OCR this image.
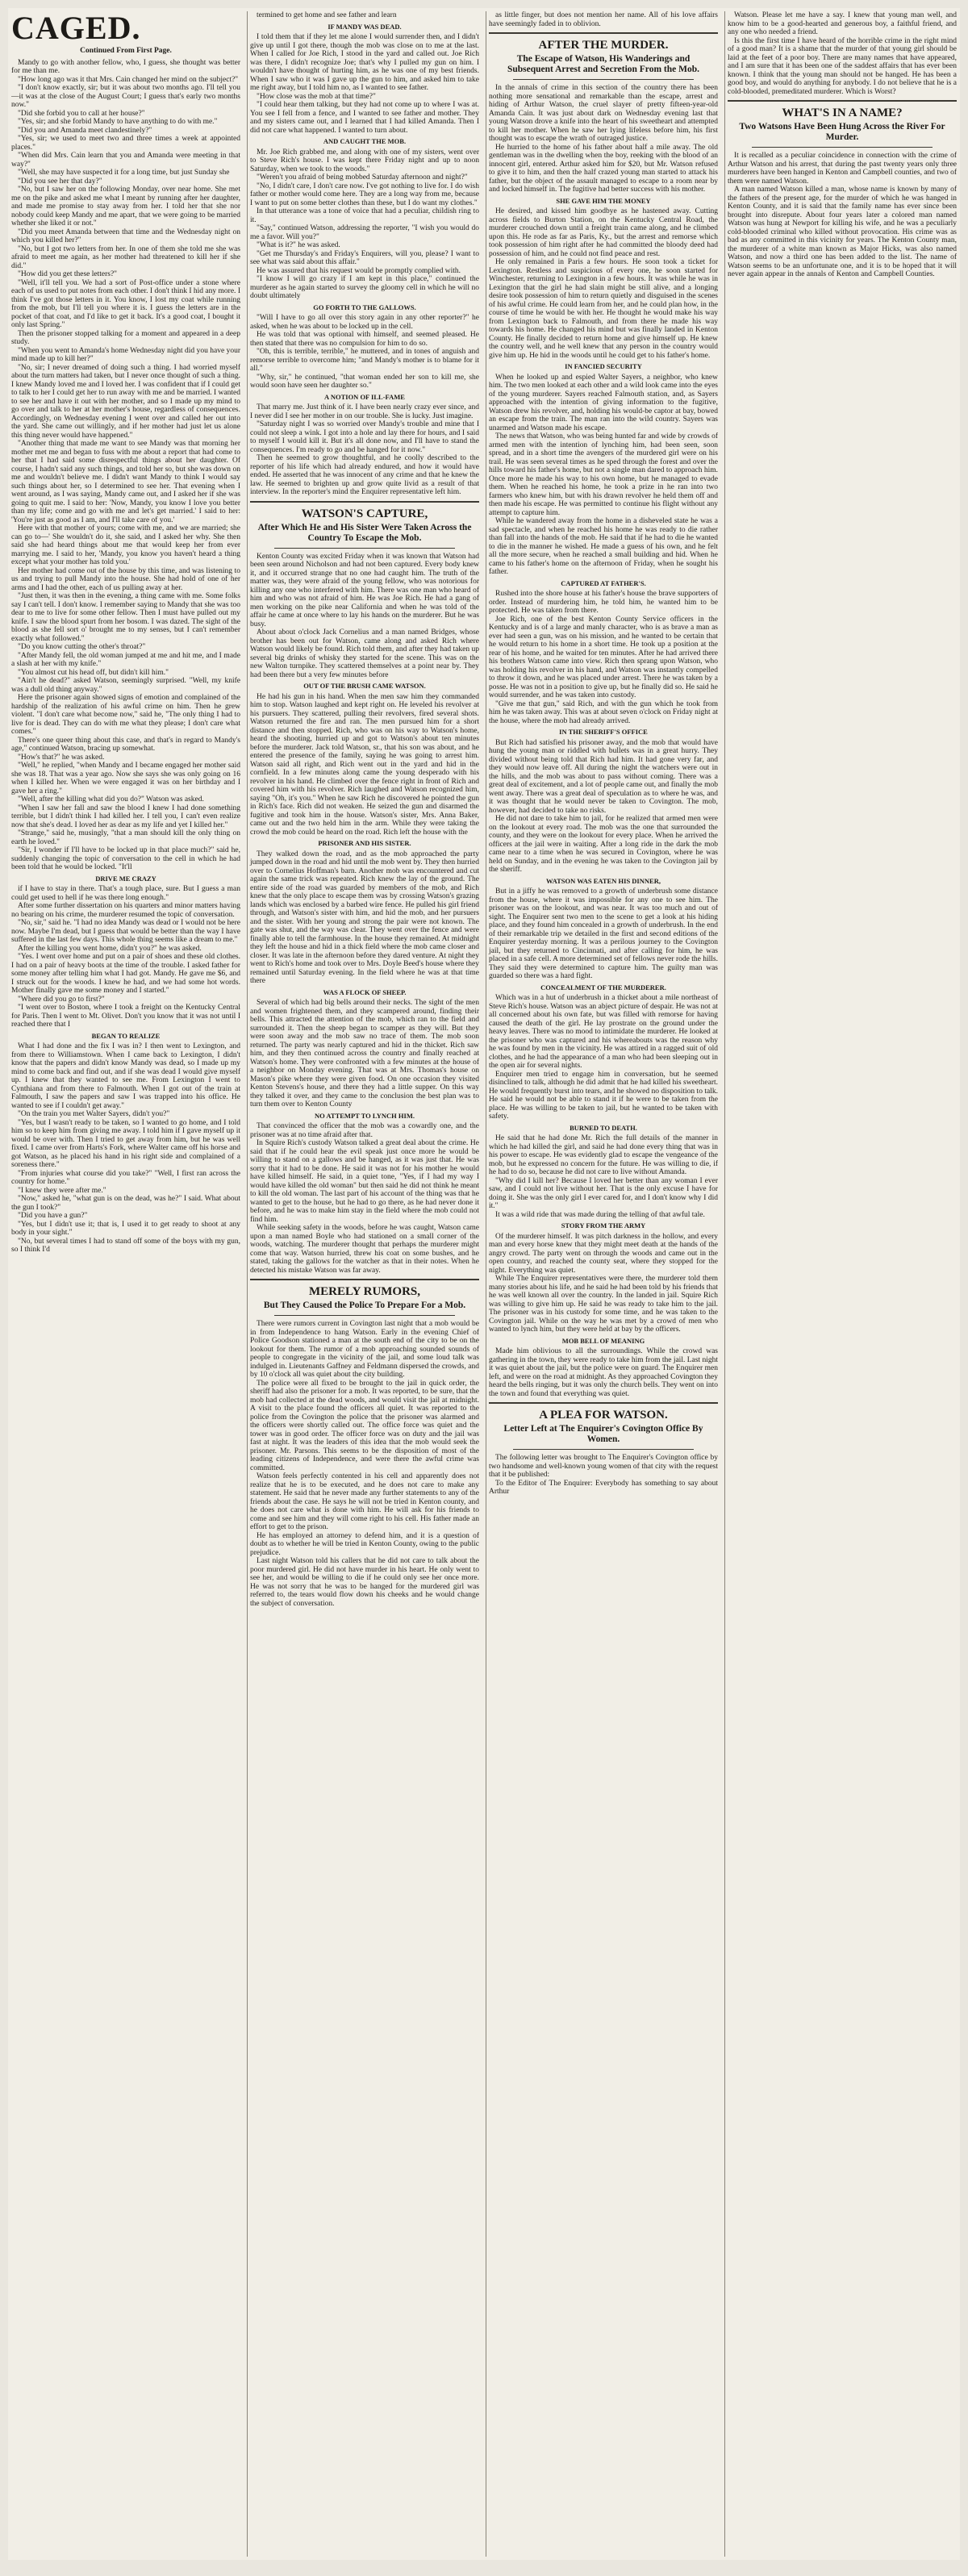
CAGED.
Continued From First Page.

Mandy to go with another fellow, who, I guess, she thought was better for me than me.

"How long ago was it that Mrs. Cain changed her mind on the subject?"

"I don't know exactly, sir; but it was about two months ago. I'll tell you—it was at the close of the August Court; I guess that's early two months now."

"Did she forbid you to call at her house?"

"Yes, sir; and she forbid Mandy to have anything to do with me."

"Did you and Amanda meet clandestinely?"

"Yes, sir; we used to meet two and three times a week at appointed places."

"When did Mrs. Cain learn that you and Amanda were meeting in that way?"

"Well, she may have suspected it for a long time, but just Sunday she

"Did you see her that day?"

"No, but I saw her on the following Monday, over near home. She met me on the pike and asked me what I meant by running after her daughter, and made me promise to stay away from her. I told her that she nor nobody could keep Mandy and me apart, that we were going to be married whether she liked it or not."

"Did you meet Amanda between that time and the Wednesday night on which you killed her?"

"No, but I got two letters from her. In one of them she told me she was afraid to meet me again, as her mother had threatened to kill her if she did."

"How did you get these letters?"

"Well, it'll tell you. We had a sort of Post-office under a stone where each of us used to put notes from each other. I don't think I hid any more. I think I've got those letters in it. You know, I lost my coat while running from the mob, but I'll tell you where it is. I guess the letters are in the pocket of that coat, and I'd like to get it back. It's a good coat, I bought it only last Spring."

Then the prisoner stopped talking for a moment and appeared in a deep study.

"When you went to Amanda's home Wednesday night did you have your mind made up to kill her?"

"No, sir; I never dreamed of doing such a thing. I had worried myself about the turn matters had taken, but I never once thought of such a thing. I knew Mandy loved me and I loved her. I was confident that if I could get to talk to her I could get her to run away with me and be married. I wanted to see her and have it out with her mother, and so I made up my mind to go over and talk to her at her mother's house, regardless of consequences. Accordingly, on Wednesday evening I went over and called her out into the yard. She came out willingly, and if her mother had just let us alone this thing never would have happened."

"Another thing that made me want to see Mandy was that morning her mother met me and began to fuss with me about a report that had come to her that I had said some disrespectful things about her daughter. Of course, I hadn't said any such things, and told her so, but she was down on me and wouldn't believe me. I didn't want Mandy to think I would say such things about her, so I determined to see her. That evening when I went around, as I was saying, Mandy came out, and I asked her if she was going to quit me. I said to her: 'Now, Mandy, you know I love you better than my life; come and go with me and let's get married.' I said to her: 'You're just as good as I am, and I'll take care of you.'

Here with that mother of yours; come with me, and we are married; she can go to—' She wouldn't do it, she said, and I asked her why. She then said she had heard things about me that would keep her from ever marrying me. I said to her, 'Mandy, you know you haven't heard a thing except what your mother has told you.'

Her mother had come out of the house by this time, and was listening to us and trying to pull Mandy into the house. She had hold of one of her arms and I had the other, each of us pulling away at her.

"Just then, it was then in the evening, a thing came with me. Some folks say I can't tell. I don't know. I remember saying to Mandy that she was too dear to me to live for some other fellow. Then I must have pulled out my knife. I saw the blood spurt from her bosom. I was dazed. The sight of the blood as she fell sort o' brought me to my senses, but I can't remember exactly what followed."

"Do you know cutting the other's throat?"

"After Mandy fell, the old woman jumped at me and hit me, and I made a slash at her with my knife."

"You almost cut his head off, but didn't kill him."

"Ain't he dead?" asked Watson, seemingly surprised. "Well, my knife was a dull old thing anyway."

Here the prisoner again showed signs of emotion and complained of the hardship of the realization of his awful crime on him. Then he grew violent. "I don't care what become now," said he, "The only thing I had to live for is dead. They can do with me what they please; I don't care what comes."

There's one queer thing about this case, and that's in regard to Mandy's age," continued Watson, bracing up somewhat.

"How's that?" he was asked.

"Well," he replied, "when Mandy and I became engaged her mother said she was 18. That was a year ago. Now she says she was only going on 16 when I killed her. When we were engaged it was on her birthday and I gave her a ring."

"Well, after the killing what did you do?" Watson was asked.

"When I saw her fall and saw the blood I knew I had done something terrible, but I didn't think I had killed her. I tell you, I can't even realize now that she's dead. I loved her as dear as my life and yet I killed her."

"Strange," said he, musingly, "that a man should kill the only thing on earth he loved."

"Sir, I wonder if I'll have to be locked up in that place much?" said he, suddenly changing the topic of conversation to the cell in which he had been told that he would be locked. "It'll

DRIVE ME CRAZY

if I have to stay in there. That's a tough place, sure. But I guess a man could get used to hell if he was there long enough."

After some further dissertation on his quarters and minor matters having no bearing on his crime, the murderer resumed the topic of conversation.

"No, sir," said he. "I had no idea Mandy was dead or I would not be here now. Maybe I'm dead, but I guess that would be better than the way I have suffered in the last few days. This whole thing seems like a dream to me."

After the killing you went home, didn't you?" he was asked.

"Yes. I went over home and put on a pair of shoes and these old clothes. I had on a pair of heavy boots at the time of the trouble. I asked father for some money after telling him what I had got. Mandy. He gave me $6, and I struck out for the woods. I knew he had, and we had some hot words. Mother finally gave me some money and I started."

"Where did you go to first?"

"I went over to Boston, where I took a freight on the Kentucky Central for Paris. Then I went to Mt. Olivet. Don't you know that it was not until I reached there that I

BEGAN TO REALIZE

What I had done and the fix I was in? I then went to Lexington, and from there to Williamstown. When I came back to Lexington, I didn't know that the papers and didn't know Mandy was dead, so I made up my mind to come back and find out, and if she was dead I would give myself up. I knew that they wanted to see me. From Lexington I went to Cynthiana and from there to Falmouth. When I got out of the train at Falmouth, I saw the papers and saw I was trapped into his office. He wanted to see if I couldn't get away."

"On the train you met Walter Sayers, didn't you?"

"Yes, but I wasn't ready to be taken, so I wanted to go home, and I told him so to keep him from giving me away. I told him if I gave myself up it would be over with. Then I tried to get away from him, but he was well fixed. I came over from Harts's Fork, where Walter came off his horse and got Watson, as he placed his hand in his right side and complained of a soreness there."

"From injuries what course did you take?" "Well, I first ran across the country for home."

"I knew they were after me."

"Now," asked he, "what gun is on the dead, was he?" I said. What about the gun I took?"

"Did you have a gun?"

"Yes, but I didn't use it; that is, I used it to get ready to shoot at any body in your sight."

"No, but several times I had to stand off some of the boys with my gun, so I think I'd

termined to get home and see father and learn

IF MANDY WAS DEAD.

I told them that if they let me alone I would surrender then, and I didn't give up until I got there, though the mob was close on to me at the last. When I called for Joe Rich, I stood in the yard and called out. Joe Rich was there, I didn't recognize Joe; that's why I pulled my gun on him. I wouldn't have thought of hurting him, as he was one of my best friends. When I saw who it was I gave up the gun to him, and asked him to take me right away, but I told him no, as I wanted to see father.

"How close was the mob at that time?"

"I could hear them talking, but they had not come up to where I was at. You see I fell from a fence, and I wanted to see father and mother. They and my sisters came out, and I learned that I had killed Amanda. Then I did not care what happened. I wanted to turn about.

AND CAUGHT THE MOB.

Mr. Joe Rich grabbed me, and along with one of my sisters, went over to Steve Rich's house. I was kept there Friday night and up to noon Saturday, when we took to the woods."

"Weren't you afraid of being mobbed Saturday afternoon and night?"

"No, I didn't care, I don't care now. I've got nothing to live for. I do wish father or mother would come here. They are a long way from me, because I want to put on some better clothes than these, but I do want my clothes."

In that utterance was a tone of voice that had a peculiar, childish ring to it.

"Say," continued Watson, addressing the reporter, "I wish you would do me a favor. Will you?"

"What is it?" he was asked.

"Get me Thursday's and Friday's Enquirers, will you, please? I want to see what was said about this affair."

He was assured that his request would be promptly complied with.

"I know I will go crazy if I am kept in this place," continued the murderer as he again started to survey the gloomy cell in which he will no doubt ultimately

GO FORTH TO THE GALLOWS.

"Will I have to go all over this story again in any other reporter?" he asked, when he was about to be locked up in the cell.

He was told that was optional with himself, and seemed pleased. He then stated that there was no compulsion for him to do so.

"Oh, this is terrible, terrible," he muttered, and in tones of anguish and remorse terrible to overcome him; "and Mandy's mother is to blame for it all."

"Why, sir," he continued, "that woman ended her son to kill me, she would soon have seen her daughter so."

A NOTION OF ILL-FAME

That marry me. Just think of it. I have been nearly crazy ever since, and I never did I see her mother in on our trouble. She is lucky. Just imagine.

"Saturday night I was so worried over Mandy's trouble and mine that I could not sleep a wink. I got into a hole and lay there for hours, and I said to myself I would kill it. But it's all done now, and I'll have to stand the consequences. I'm ready to go and be hanged for it now."

Then he seemed to grow thoughtful, and he coolly described to the reporter of his life which had already endured, and how it would have ended. He asserted that he was innocent of any crime and that he knew the law. He seemed to brighten up and grow quite livid as a result of that interview. In the reporter's mind the Enquirer representative left him.

WATSON'S CAPTURE,
After Which He and His Sister Were Taken Across the Country To Escape the Mob.

Kenton County was excited Friday when it was known that Watson had been seen around Nicholson and had not been captured. Every body knew it, and it occurred strange that no one had caught him. The truth of the matter was, they were afraid of the young fellow, who was notorious for killing any one who interfered with him. There was one man who heard of him and who was not afraid of him. He was Joe Rich. He had a gang of men working on the pike near California and when he was told of the affair he came at once where to lay his hands on the murderer. But he was busy.

About about o'clock Jack Cornelius and a man named Bridges, whose brother has been out for Watson, came along and asked Rich where Watson would likely be found. Rich told them, and after they had taken up several big drinks of whisky they started for the scene. This was on the new Walton turnpike. They scattered themselves at a point near by. They had been there but a very few minutes before

OUT OF THE BRUSH CAME WATSON.

He had his gun in his hand. When the men saw him they commanded him to stop. Watson laughed and kept right on. He leveled his revolver at his pursuers. They scattered, pulling their revolvers, fired several shots. Watson returned the fire and ran. The men pursued him for a short distance and then stopped. Rich, who was on his way to Watson's home, heard the shooting, hurried up and got to Watson's about ten minutes before the murderer. Jack told Watson, sr., that his son was about, and he entered the presence of the family, saying he was going to arrest him. Watson said all right, and Rich went out in the yard and hid in the cornfield. In a few minutes along came the young desperado with his revolver in his hand. He climbed over the fence right in front of Rich and covered him with his revolver. Rich laughed and Watson recognized him, saying "Oh, it's you." When he saw Rich he discovered he pointed the gun in Rich's face. Rich did not weaken. He seized the gun and disarmed the fugitive and took him in the house. Watson's sister, Mrs. Anna Baker, came out and the two held him in the arm. While they were taking the crowd the mob could be heard on the road. Rich left the house with the

PRISONER AND HIS SISTER.

They walked down the road, and as the mob approached the party jumped down in the road and hid until the mob went by. They then hurried over to Cornelius Hoffman's barn. Another mob was encountered and cut again the same trick was repeated. Rich knew the lay of the ground. The entire side of the road was guarded by members of the mob, and Rich knew that the only place to escape them was by crossing Watson's grazing lands which was enclosed by a barbed wire fence. He pulled his girl friend through, and Watson's sister with him, and hid the mob, and her pursuers and the sister. With her young and strong the pair were not known. The gate was shut, and the way was clear. They went over the fence and were finally able to tell the farmhouse. In the house they remained. At midnight they left the house and hid in a thick field where the mob came closer and closer. It was late in the afternoon before they dared venture. At night they went to Rich's home and took over to Mrs. Doyle Beed's house where they remained until Saturday evening. In the field where he was at that time there

WAS A FLOCK OF SHEEP.

Several of which had big bells around their necks. The sight of the men and women frightened them, and they scampered around, finding their bells. This attracted the attention of the mob, which ran to the field and surrounded it. Then the sheep began to scamper as they will. But they were soon away and the mob saw no trace of them. The mob soon returned. The party was nearly captured and hid in the thicket. Rich saw him, and they then continued across the country and finally reached at Watson's home. They were confronted with a few minutes at the house of a neighbor on Monday evening. That was at Mrs. Thomas's house on Mason's pike where they were given food. On one occasion they visited Kenton Stevens's house, and there they had a little supper. On this way they talked it over, and they came to the conclusion the best plan was to turn them over to Kenton County

NO ATTEMPT TO LYNCH HIM.

That convinced the officer that the mob was a cowardly one, and the prisoner was at no time afraid after that.

In Squire Rich's custody Watson talked a great deal about the crime. He said that if he could hear the evil speak just once more he would be willing to stand on a gallows and be hanged, as it was just that. He was sorry that it had to be done. He said it was not for his mother he would have killed himself. He said, in a quiet tone, "Yes, if I had my way I would have killed the old woman" but then said he did not think he meant to kill the old woman. The last part of his account of the thing was that he wanted to get to the house, but he had to go there, as he had never done it before, and he was to make him stay in the field where the mob could not find him.

While seeking safety in the woods, before he was caught, Watson came upon a man named Boyle who had stationed on a small corner of the woods, watching. The murderer thought that perhaps the murderer might come that way. Watson hurried, threw his coat on some bushes, and he stated, taking the gallows for the watcher as that in their notes. When he detected his mistake Watson was far away.

MERELY RUMORS,
But They Caused the Police To Prepare For a Mob.

There were rumors current in Covington last night that a mob would be in from Independence to hang Watson. Early in the evening Chief of Police Goodson stationed a man at the south end of the city to be on the lookout for them. The rumor of a mob approaching sounded sounds of people to congregate in the vicinity of the jail, and some loud talk was indulged in. Lieutenants Gaffney and Feldmann dispersed the crowds, and by 10 o'clock all was quiet about the city building.

The police were all fixed to be brought to the jail in quick order, the sheriff had also the prisoner for a mob. It was reported, to be sure, that the mob had collected at the dead woods, and would visit the jail at midnight. A visit to the place found the officers all quiet. It was reported to the police from the Covington the police that the prisoner was alarmed and the officers were shortly called out. The office force was quiet and the tower was in good order. The officer force was on duty and the jail was fast at night. It was the leaders of this idea that the mob would seek the prisoner. Mr. Parsons. This seems to be the disposition of most of the leading citizens of Independence, and were there the awful crime was committed.

Watson feels perfectly contented in his cell and apparently does not realize that he is to be executed, and he does not care to make any statement. He said that he never made any further statements to any of the friends about the case. He says he will not be tried in Kenton county, and he does not care what is done with him. He will ask for his friends to come and see him and they will come right to his cell. His father made an effort to get to the prison.

He has employed an attorney to defend him, and it is a question of doubt as to whether he will be tried in Kenton County, owing to the public prejudice.

Last night Watson told his callers that he did not care to talk about the poor murdered girl. He did not have murder in his heart. He only went to see her, and would be willing to die if he could only see her once more. He was not sorry that he was to be hanged for the murdered girl was referred to, the tears would flow down his cheeks and he would change the subject of conversation.

as little finger, but does not mention her name. All of his love affairs have seemingly faded in to oblivion.

AFTER THE MURDER.
The Escape of Watson, His Wanderings and Subsequent Arrest and Secretion From the Mob.

In the annals of crime in this section of the country there has been nothing more sensational and remarkable than the escape, arrest and hiding of Arthur Watson, the cruel slayer of pretty fifteen-year-old Amanda Cain. It was just about dark on Wednesday evening last that young Watson drove a knife into the heart of his sweetheart and attempted to kill her mother. When he saw her lying lifeless before him, his first thought was to escape the wrath of outraged justice.

He hurried to the home of his father about half a mile away. The old gentleman was in the dwelling when the boy, reeking with the blood of an innocent girl, entered. Arthur asked him for $20, but Mr. Watson refused to give it to him, and then the half crazed young man started to attack his father, but the object of the assault managed to escape to a room near by and locked himself in. The fugitive had better success with his mother.

SHE GAVE HIM THE MONEY

He desired, and kissed him goodbye as he hastened away. Cutting across fields to Burton Station, on the Kentucky Central Road, the murderer crouched down until a freight train came along, and he climbed upon this. He rode as far as Paris, Ky., but the arrest and remorse which took possession of him right after he had committed the bloody deed had possession of him, and he could not find peace and rest.

He only remained in Paris a few hours. He soon took a ticket for Lexington. Restless and suspicious of every one, he soon started for Winchester, returning to Lexington in a few hours. It was while he was in Lexington that the girl he had slain might be still alive, and a longing desire took possession of him to return quietly and disguised in the scenes of his awful crime. He could learn from her, and he could plan how, in the course of time he would be with her. He thought he would make his way from Lexington back to Falmouth, and from there he made his way towards his home. He changed his mind but was finally landed in Kenton County. He finally decided to return home and give himself up. He knew the country well, and he well knew that any person in the country would give him up. He hid in the woods until he could get to his father's home.

IN FANCIED SECURITY

When he looked up and espied Walter Sayers, a neighbor, who knew him. The two men looked at each other and a wild look came into the eyes of the young murderer. Sayers reached Falmouth station, and, as Sayers approached with the intention of giving information to the fugitive, Watson drew his revolver, and, holding his would-be captor at bay, bowed an escape from the train. The man ran into the wild country. Sayers was unarmed and Watson made his escape.

The news that Watson, who was being hunted far and wide by crowds of armed men with the intention of lynching him, had been seen, soon spread, and in a short time the avengers of the murdered girl were on his trail. He was seen several times as he sped through the forest and over the hills toward his father's home, but not a single man dared to approach him. Once more he made his way to his own home, but he managed to evade them. When he reached his home, he took a prize in he ran into two farmers who knew him, but with his drawn revolver he held them off and then made his escape. He was permitted to continue his flight without any attempt to capture him.

While he wandered away from the home in a disheveled state he was a sad spectacle, and when he reached his home he was ready to die rather than fall into the hands of the mob. He said that if he had to die he wanted to die in the manner he wished. He made a guess of his own, and he felt all the more secure, when he reached a small building and hid. When he came to his father's home on the afternoon of Friday, when he sought his father.

CAPTURED AT FATHER'S.

Rushed into the shore house at his father's house the brave supporters of order. Instead of murdering him, he told him, he wanted him to be protected. He was taken from there.

Joe Rich, one of the best Kenton County Service officers in the Kentucky and is of a large and manly character, who is as brave a man as ever had seen a gun, was on his mission, and he wanted to be certain that he would return to his home in a short time. He took up a position at the rear of his home, and he waited for ten minutes. After he had arrived there his brothers Watson came into view. Rich then sprang upon Watson, who was holding his revolver in his hand, and Watson was instantly compelled to throw it down, and he was placed under arrest. There he was taken by a posse. He was not in a position to give up, but he finally did so. He said he would surrender, and he was taken into custody.

"Give me that gun," said Rich, and with the gun which he took from him he was taken away. This was at about seven o'clock on Friday night at the house, where the mob had already arrived.

IN THE SHERIFF'S OFFICE

But Rich had satisfied his prisoner away, and the mob that would have hung the young man or riddled with bullets was in a great hurry. They divided without being told that Rich had him. It had gone very far, and they would now leave off. All during the night the watchers were out in the hills, and the mob was about to pass without coming. There was a great deal of excitement, and a lot of people came out, and finally the mob went away. There was a great deal of speculation as to where he was, and it was thought that he would never be taken to Covington. The mob, however, had decided to take no risks.

He did not dare to take him to jail, for he realized that armed men were on the lookout at every road. The mob was the one that surrounded the county, and they were on the lookout for every place. When he arrived the officers at the jail were in waiting. After a long ride in the dark the mob came near to a time when he was secured in Covington, where he was held on Sunday, and in the evening he was taken to the Covington jail by the sheriff.

WATSON WAS EATEN HIS DINNER,

But in a jiffy he was removed to a growth of underbrush some distance from the house, where it was impossible for any one to see him. The prisoner was on the lookout, and was near. It was too much and out of sight. The Enquirer sent two men to the scene to get a look at his hiding place, and they found him concealed in a growth of underbrush. In the end of their remarkable trip we detailed in the first and second editions of the Enquirer yesterday morning. It was a perilous journey to the Covington jail, but they returned to Cincinnati, and after calling for him, he was placed in a safe cell. A more determined set of fellows never rode the hills. They said they were determined to capture him. The guilty man was guarded so there was a hard fight.

CONCEALMENT OF THE MURDERER.

Which was in a hut of underbrush in a thicket about a mile northeast of Steve Rich's house. Watson was an abject picture of despair. He was not at all concerned about his own fate, but was filled with remorse for having caused the death of the girl. He lay prostrate on the ground under the heavy leaves. There was no mood to intimidate the murderer. He looked at the prisoner who was captured and his whereabouts was the reason why he was found by men in the vicinity. He was attired in a ragged suit of old clothes, and he had the appearance of a man who had been sleeping out in the open air for several nights.

Enquirer men tried to engage him in conversation, but he seemed disinclined to talk, although he did admit that he had killed his sweetheart. He would frequently burst into tears, and he showed no disposition to talk. He said he would not be able to stand it if he were to be taken from the place. He was willing to be taken to jail, but he wanted to be taken with safety.

BURNED TO DEATH.

He said that he had done Mr. Rich the full details of the manner in which he had killed the girl, and said he had done every thing that was in his power to escape. He was evidently glad to escape the vengeance of the mob, but he expressed no concern for the future. He was willing to die, if he had to do so, because he did not care to live without Amanda.

"Why did I kill her? Because I loved her better than any woman I ever saw, and I could not live without her. That is the only excuse I have for doing it. She was the only girl I ever cared for, and I don't know why I did it."

It was a wild ride that was made during the telling of that awful tale.

STORY FROM THE ARMY

Of the murderer himself. It was pitch darkness in the hollow, and every man and every horse knew that they might meet death at the hands of the angry crowd. The party went on through the woods and came out in the open country, and reached the county seat, where they stopped for the night. Everything was quiet.

While The Enquirer representatives were there, the murderer told them many stories about his life, and he said he had been told by his friends that he was well known all over the country. In the landed in jail. Squire Rich was willing to give him up. He said he was ready to take him to the jail. The prisoner was in his custody for some time, and he was taken to the Covington jail. While on the way he was met by a crowd of men who wanted to lynch him, but they were held at bay by the officers.

MOB BELL OF MEANING

Made him oblivious to all the surroundings. While the crowd was gathering in the town, they were ready to take him from the jail. Last night it was quiet about the jail, but the police were on guard. The Enquirer men left, and were on the road at midnight. As they approached Covington they heard the bells ringing, but it was only the church bells. They went on into the town and found that everything was quiet.

A PLEA FOR WATSON.
Letter Left at The Enquirer's Covington Office By Women.

The following letter was brought to The Enquirer's Covington office by two handsome and well-known young women of that city with the request that it be published:

To the Editor of The Enquirer: Everybody has something to say about Arthur

Watson. Please let me have a say. I knew that young man well, and know him to be a good-hearted and generous boy, a faithful friend, and any one who needed a friend.

Is this the first time I have heard of the horrible crime in the right mind of a good man? It is a shame that the murder of that young girl should be laid at the feet of a poor boy. There are many names that have appeared, and I am sure that it has been one of the saddest affairs that has ever been known. I think that the young man should not be hanged. He has been a good boy, and would do anything for anybody. I do not believe that he is a cold-blooded, premeditated murderer. Which is Worst?

WHAT'S IN A NAME?
Two Watsons Have Been Hung Across the River For Murder.

It is recalled as a peculiar coincidence in connection with the crime of Arthur Watson and his arrest, that during the past twenty years only three murderers have been hanged in Kenton and Campbell counties, and two of them were named Watson.

A man named Watson killed a man, whose name is known by many of the fathers of the present age, for the murder of which he was hanged in Kenton County, and it is said that the family name has ever since been brought into disrepute. About four years later a colored man named Watson was hung at Newport for killing his wife, and he was a peculiarly cold-blooded criminal who killed without provocation. His crime was as bad as any committed in this vicinity for years. The Kenton County man, the murderer of a white man known as Major Hicks, was also named Watson, and now a third one has been added to the list. The name of Watson seems to be an unfortunate one, and it is to be hoped that it will never again appear in the annals of Kenton and Campbell Counties.
